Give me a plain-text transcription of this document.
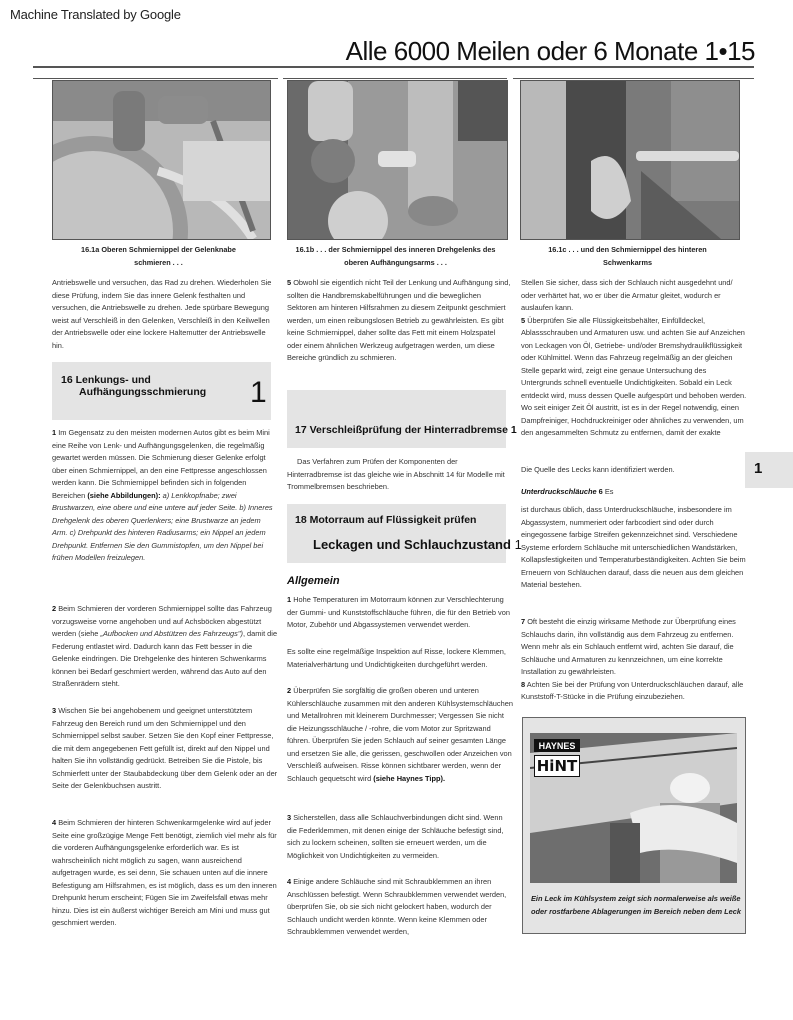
Machine Translated by Google
Alle 6000 Meilen oder 6 Monate 1•15
16.1a Oberen Schmiernippel der Gelenknabe
schmieren . . .
16.1b . . . der Schmiernippel des inneren Drehgelenks des
oberen Aufhängungsarms . . .
16.1c . . . und den Schmiernippel des hinteren
Schwenkarms

Antriebswelle und versuchen, das Rad zu drehen. Wiederholen Sie diese Prüfung, indem Sie das innere Gelenk festhalten und versuchen, die Antriebswelle zu drehen. Jede spürbare Bewegung weist auf Verschleiß in den Gelenken, Verschleiß in den Keilwellen der Antriebswelle oder eine lockere Haltemutter der Antriebswelle hin.

16 Lenkungs- und
Aufhängungsschmierung 1

1 Im Gegensatz zu den meisten modernen Autos gibt es beim Mini eine Reihe von Lenk- und Aufhängungsgelenken, die regelmäßig gewartet werden müssen. Die Schmierung dieser Gelenke erfolgt über einen Schmiernippel, an den eine Fettpresse angeschlossen werden kann. Die Schmiernippel befinden sich in folgenden Bereichen (siehe Abbildungen): a) Lenkkopfnabe; zwei Brustwarzen, eine obere und eine untere auf jeder Seite. b) Inneres Drehgelenk des oberen Querlenkers; eine Brustwarze an jedem Arm. c) Drehpunkt des hinteren Radiusarms; ein Nippel an jedem Drehpunkt. Entfernen Sie den Gummistopfen, um den Nippel bei frühen Modellen freizulegen.

2 Beim Schmieren der vorderen Schmiernippel sollte das Fahrzeug vorzugsweise vorne angehoben und auf Achsböcken abgestützt werden (siehe „Aufbocken und Abstützen des Fahrzeugs"), damit die Federung entlastet wird. Dadurch kann das Fett besser in die Gelenke eindringen. Die Drehgelenke des hinteren Schwenkarms können bei Bedarf geschmiert werden, während das Auto auf den Straßenrädern steht.

3 Wischen Sie bei angehobenem und geeignet unterstütztem Fahrzeug den Bereich rund um den Schmiernippel und den Schmiernippel selbst sauber. Setzen Sie den Kopf einer Fettpresse, die mit dem angegebenen Fett gefüllt ist, direkt auf den Nippel und halten Sie ihn vollständig gedrückt. Betreiben Sie die Pistole, bis Schmierfett unter der Staubabdeckung über dem Gelenk oder an der Seite der Gelenkbuchsen austritt.

4 Beim Schmieren der hinteren Schwenkarmgelenke wird auf jeder Seite eine großzügige Menge Fett benötigt, ziemlich viel mehr als für die vorderen Aufhängungsgelenke erforderlich war. Es ist wahrscheinlich nicht möglich zu sagen, wann ausreichend aufgetragen wurde, es sei denn, Sie schauen unten auf die innere Befestigung am Hilfsrahmen, es ist möglich, dass es um den inneren Drehpunkt herum erscheint; Fügen Sie im Zweifelsfall etwas mehr hinzu. Dies ist ein äußerst wichtiger Bereich am Mini und muss gut geschmiert werden.

5 Obwohl sie eigentlich nicht Teil der Lenkung und Aufhängung sind, sollten die Handbremskabelführungen und die beweglichen Sektoren am hinteren Hilfsrahmen zu diesem Zeitpunkt geschmiert werden, um einen reibungslosen Betrieb zu gewährleisten. Es gibt keine Schmiernippel, daher sollte das Fett mit einem Holzspatel oder einem ähnlichen Werkzeug aufgetragen werden, um diese Bereiche gründlich zu schmieren.

17 Verschleißprüfung der Hinterradbremse 1

Das Verfahren zum Prüfen der Komponenten der Hinterradbremse ist das gleiche wie in Abschnitt 14 für Modelle mit Trommelbremsen beschrieben.

18 Motorraum auf Flüssigkeit prüfen
Leckagen und Schlauchzustand 1
Allgemein

1 Hohe Temperaturen im Motorraum können zur Verschlechterung der Gummi- und Kunststoffschläuche führen, die für den Betrieb von Motor, Zubehör und Abgassystemen verwendet werden.

Es sollte eine regelmäßige Inspektion auf Risse, lockere Klemmen, Materialverhärtung und Undichtigkeiten durchgeführt werden.

2 Überprüfen Sie sorgfältig die großen oberen und unteren Kühlerschläuche zusammen mit den anderen Kühlsystemschläuchen und Metallrohren mit kleinerem Durchmesser; Vergessen Sie nicht die Heizungsschläuche / -rohre, die vom Motor zur Spritzwand führen. Überprüfen Sie jeden Schlauch auf seiner gesamten Länge und ersetzen Sie alle, die gerissen, geschwollen oder Anzeichen von Verschleiß aufweisen. Risse können sichtbarer werden, wenn der Schlauch gequetscht wird (siehe Haynes Tipp).

3 Sicherstellen, dass alle Schlauchverbindungen dicht sind. Wenn die Federklemmen, mit denen einige der Schläuche befestigt sind, sich zu lockern scheinen, sollten sie erneuert werden, um die Möglichkeit von Undichtigkeiten zu vermeiden.

4 Einige andere Schläuche sind mit Schraubklemmen an ihren Anschlüssen befestigt. Wenn Schraubklemmen verwendet werden, überprüfen Sie, ob sie sich nicht gelockert haben, wodurch der Schlauch undicht werden könnte. Wenn keine Klemmen oder Schraubklemmen verwendet werden,

Stellen Sie sicher, dass sich der Schlauch nicht ausgedehnt und/ oder verhärtet hat, wo er über die Armatur gleitet, wodurch er auslaufen kann.

5 Überprüfen Sie alle Flüssigkeitsbehälter, Einfülldeckel, Ablassschrauben und Armaturen usw. und achten Sie auf Anzeichen von Leckagen von Öl, Getriebe- und/oder Bremshydraulikflüssigkeit oder Kühlmittel. Wenn das Fahrzeug regelmäßig an der gleichen Stelle geparkt wird, zeigt eine genaue Untersuchung des Untergrunds schnell eventuelle Undichtigkeiten. Sobald ein Leck entdeckt wird, muss dessen Quelle aufgespürt und behoben werden. Wo seit einiger Zeit Öl austritt, ist es in der Regel notwendig, einen Dampfreiniger, Hochdruckreiniger oder ähnliches zu verwenden, um den angesammelten Schmutz zu entfernen, damit der exakte

Die Quelle des Lecks kann identifiziert werden.

Unterdruckschläuche 6 Es

ist durchaus üblich, dass Unterdruckschläuche, insbesondere im Abgassystem, nummeriert oder farbcodiert sind oder durch eingegossene farbige Streifen gekennzeichnet sind. Verschiedene Systeme erfordern Schläuche mit unterschiedlichen Wandstärken, Kollapsfestigkeiten und Temperaturbeständigkeiten. Achten Sie beim Erneuern von Schläuchen darauf, dass die neuen aus dem gleichen Material bestehen.

7 Oft besteht die einzig wirksame Methode zur Überprüfung eines Schlauchs darin, ihn vollständig aus dem Fahrzeug zu entfernen. Wenn mehr als ein Schlauch entfernt wird, achten Sie darauf, die Schläuche und Armaturen zu kennzeichnen, um eine korrekte Installation zu gewährleisten.

8 Achten Sie bei der Prüfung von Unterdruckschläuchen darauf, alle Kunststoff-T-Stücke in die Prüfung einzubeziehen.

HAYNES
HiNT
Ein Leck im Kühlsystem zeigt sich normalerweise als weiße oder rostfarbene Ablagerungen im Bereich neben dem Leck
1
